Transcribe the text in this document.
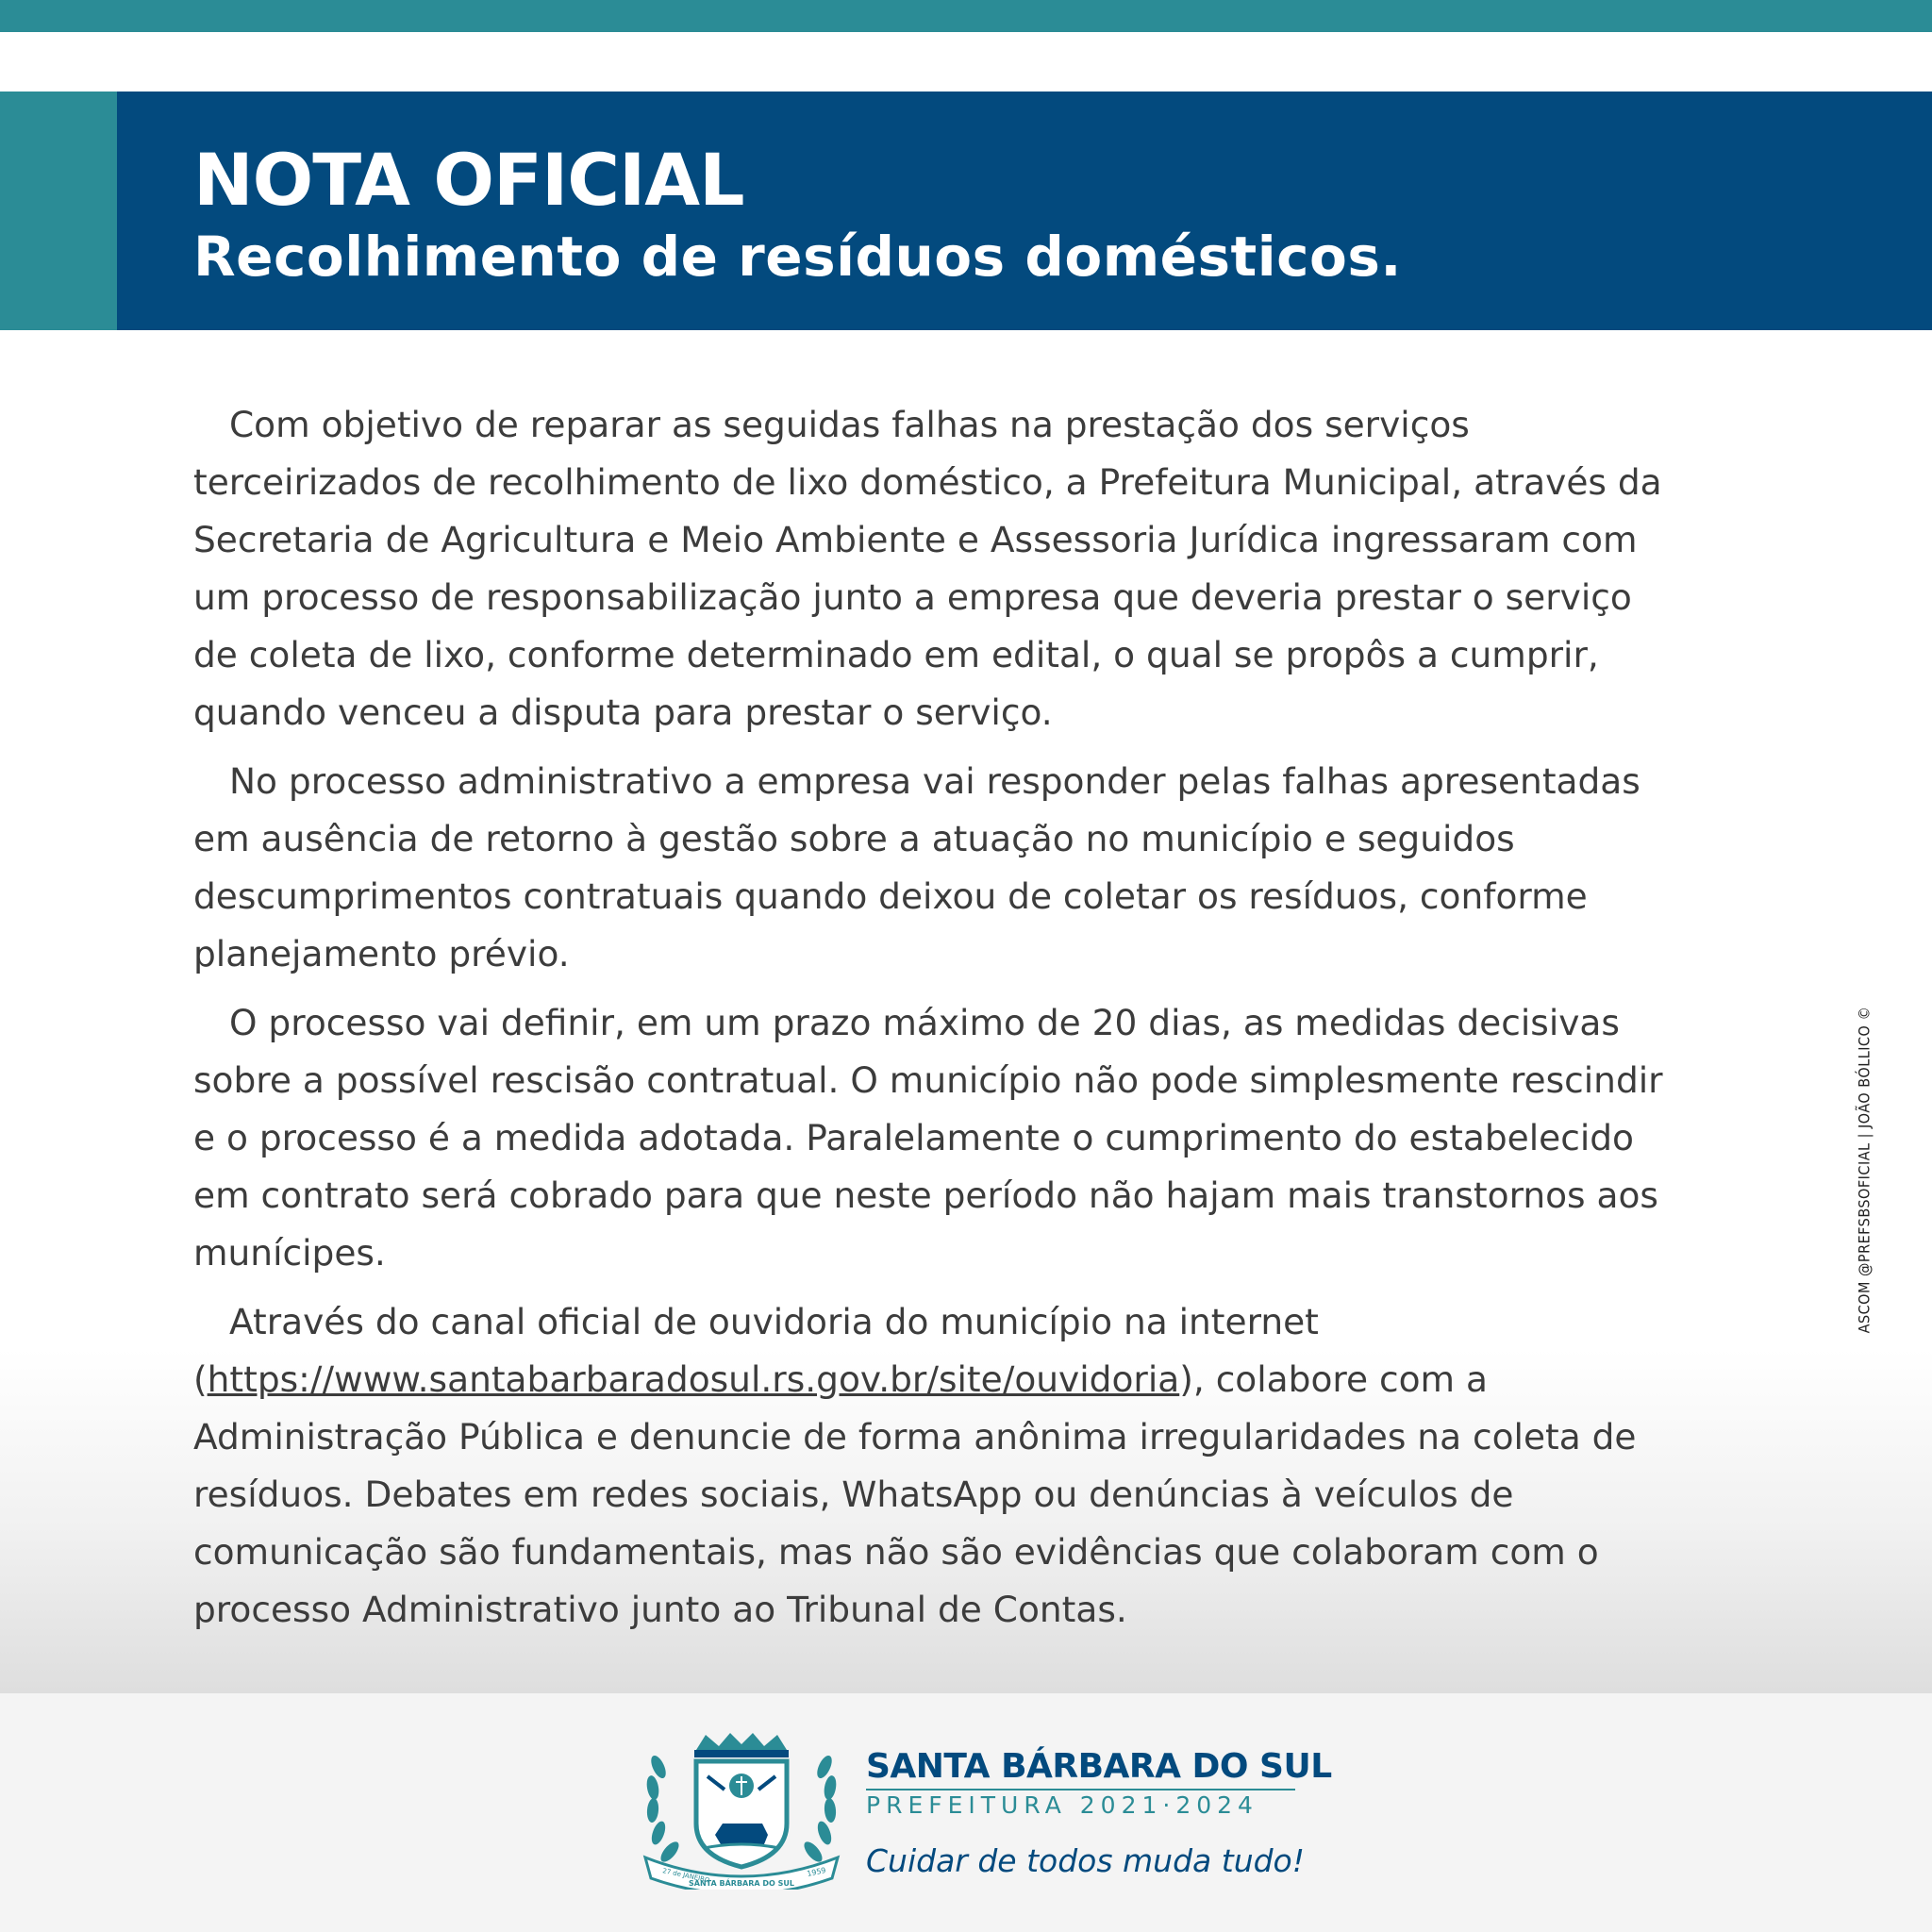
NOTA OFICIAL
Recolhimento de resíduos domésticos.

Com objetivo de reparar as seguidas falhas na prestação dos serviços
terceirizados de recolhimento de lixo doméstico, a Prefeitura Municipal, através da
Secretaria de Agricultura e Meio Ambiente e Assessoria Jurídica ingressaram com
um processo de responsabilização junto a empresa que deveria prestar o serviço
de coleta de lixo, conforme determinado em edital, o qual se propôs a cumprir,
quando venceu a disputa para prestar o serviço.

No processo administrativo a empresa vai responder pelas falhas apresentadas
em ausência de retorno à gestão sobre a atuação no município e seguidos
descumprimentos contratuais quando deixou de coletar os resíduos, conforme
planejamento prévio.

O processo vai definir, em um prazo máximo de 20 dias, as medidas decisivas
sobre a possível rescisão contratual. O município não pode simplesmente rescindir
e o processo é a medida adotada. Paralelamente o cumprimento do estabelecido
em contrato será cobrado para que neste período não hajam mais transtornos aos
munícipes.

Através do canal oficial de ouvidoria do município na internet
(https://www.santabarbaradosul.rs.gov.br/site/ouvidoria), colabore com a
Administração Pública e denuncie de forma anônima irregularidades na coleta de
resíduos. Debates em redes sociais, WhatsApp ou denúncias à veículos de
comunicação são fundamentais, mas não são evidências que colaboram com o
processo Administrativo junto ao Tribunal de Contas.

ASCOM @PREFSBSOFICIAL | JOÃO BÓLLICO ©
27 de JANEIRO
SANTA BÁRBARA DO SUL
1959
SANTA BÁRBARA DO SUL
PREFEITURA 2021·2024
Cuidar de todos muda tudo!
